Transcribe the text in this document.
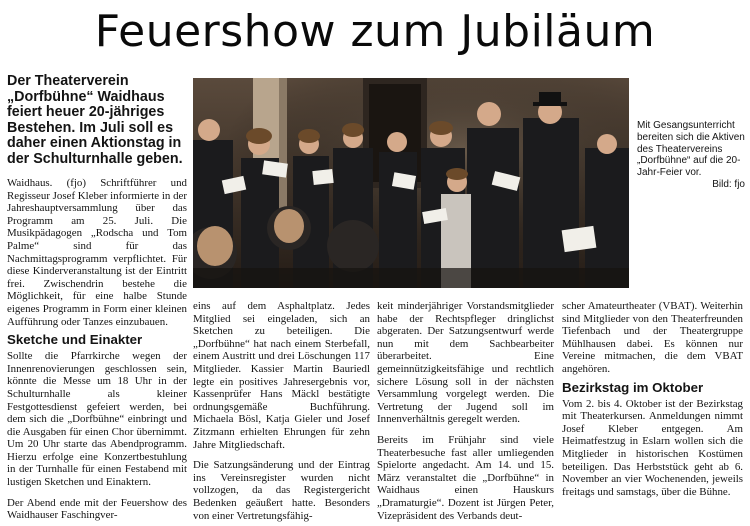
Feuershow zum Jubiläum

Der Theaterverein „Dorfbühne“ Waidhaus feiert heuer 20-jähriges Bestehen. Im Juli soll es daher einen Aktionstag in der Schulturnhalle geben.

Waidhaus. (fjo) Schriftführer und Regisseur Josef Kleber informierte in der Jahreshauptversammlung über das Programm am 25. Juli. Die Musikpädagogen „Rodscha und Tom Palme“ sind für das Nachmittagsprogramm verpflichtet. Für diese Kinderveranstaltung ist der Eintritt frei. Zwischendrin bestehe die Möglichkeit, für eine halbe Stunde eigenes Programm in Form einer kleinen Aufführung oder Tanzes einzubauen.

Sketche und Einakter

Sollte die Pfarrkirche wegen der Innenrenovierungen geschlossen sein, könnte die Messe um 18 Uhr in der Schulturnhalle als kleiner Festgottesdienst gefeiert werden, bei dem sich die „Dorfbühne“ einbringt und die Ausgaben für einen Chor übernimmt. Um 20 Uhr starte das Abendprogramm. Hierzu erfolge eine Konzertbestuhlung in der Turnhalle für einen Festabend mit lustigen Sketchen und Einaktern.

Der Abend ende mit der Feuershow des Waidhauser Faschingver-

Mit Gesangsunterricht bereiten sich die Aktiven des Theatervereins „Dorfbühne“ auf die 20-Jahr-Feier vor.
Bild: fjo

eins auf dem Asphaltplatz. Jedes Mitglied sei eingeladen, sich an Sketchen zu beteiligen. Die „Dorfbühne“ hat nach einem Sterbefall, einem Austritt und drei Löschungen 117 Mitglieder. Kassier Martin Bauriedl legte ein positives Jahresergebnis vor, Kassenprüfer Hans Mäckl bestätigte ordnungsgemäße Buchführung. Michaela Bösl, Katja Gieler und Josef Zitzmann erhielten Ehrungen für zehn Jahre Mitgliedschaft.

Die Satzungsänderung und der Eintrag ins Vereinsregister wurden nicht vollzogen, da das Registergericht Bedenken geäußert hatte. Besonders von einer Vertretungsfähig-

keit minderjähriger Vorstandsmitglieder habe der Rechtspfleger dringlichst abgeraten. Der Satzungsentwurf werde nun mit dem Sachbearbeiter überarbeitet. Eine gemeinnützigkeitsfähige und rechtlich sichere Lösung soll in der nächsten Versammlung vorgelegt werden. Die Vertretung der Jugend soll im Innenverhältnis geregelt werden.

Bereits im Frühjahr sind viele Theaterbesuche fast aller umliegenden Spielorte angedacht. Am 14. und 15. März veranstaltet die „Dorfbühne“ in Waidhaus einen Hauskurs „Dramaturgie“. Dozent ist Jürgen Peter, Vizepräsident des Verbands deut-

scher Amateurtheater (VBAT). Weiterhin sind Mitglieder von den Theaterfreunden Tiefenbach und der Theatergruppe Mühlhausen dabei. Es können nur Vereine mitmachen, die dem VBAT angehören.

Bezirkstag im Oktober

Vom 2. bis 4. Oktober ist der Bezirkstag mit Theaterkursen. Anmeldungen nimmt Josef Kleber entgegen. Am Heimatfestzug in Eslarn wollen sich die Mitglieder in historischen Kostümen beteiligen. Das Herbststück geht ab 6. November an vier Wochenenden, jeweils freitags und samstags, über die Bühne.
